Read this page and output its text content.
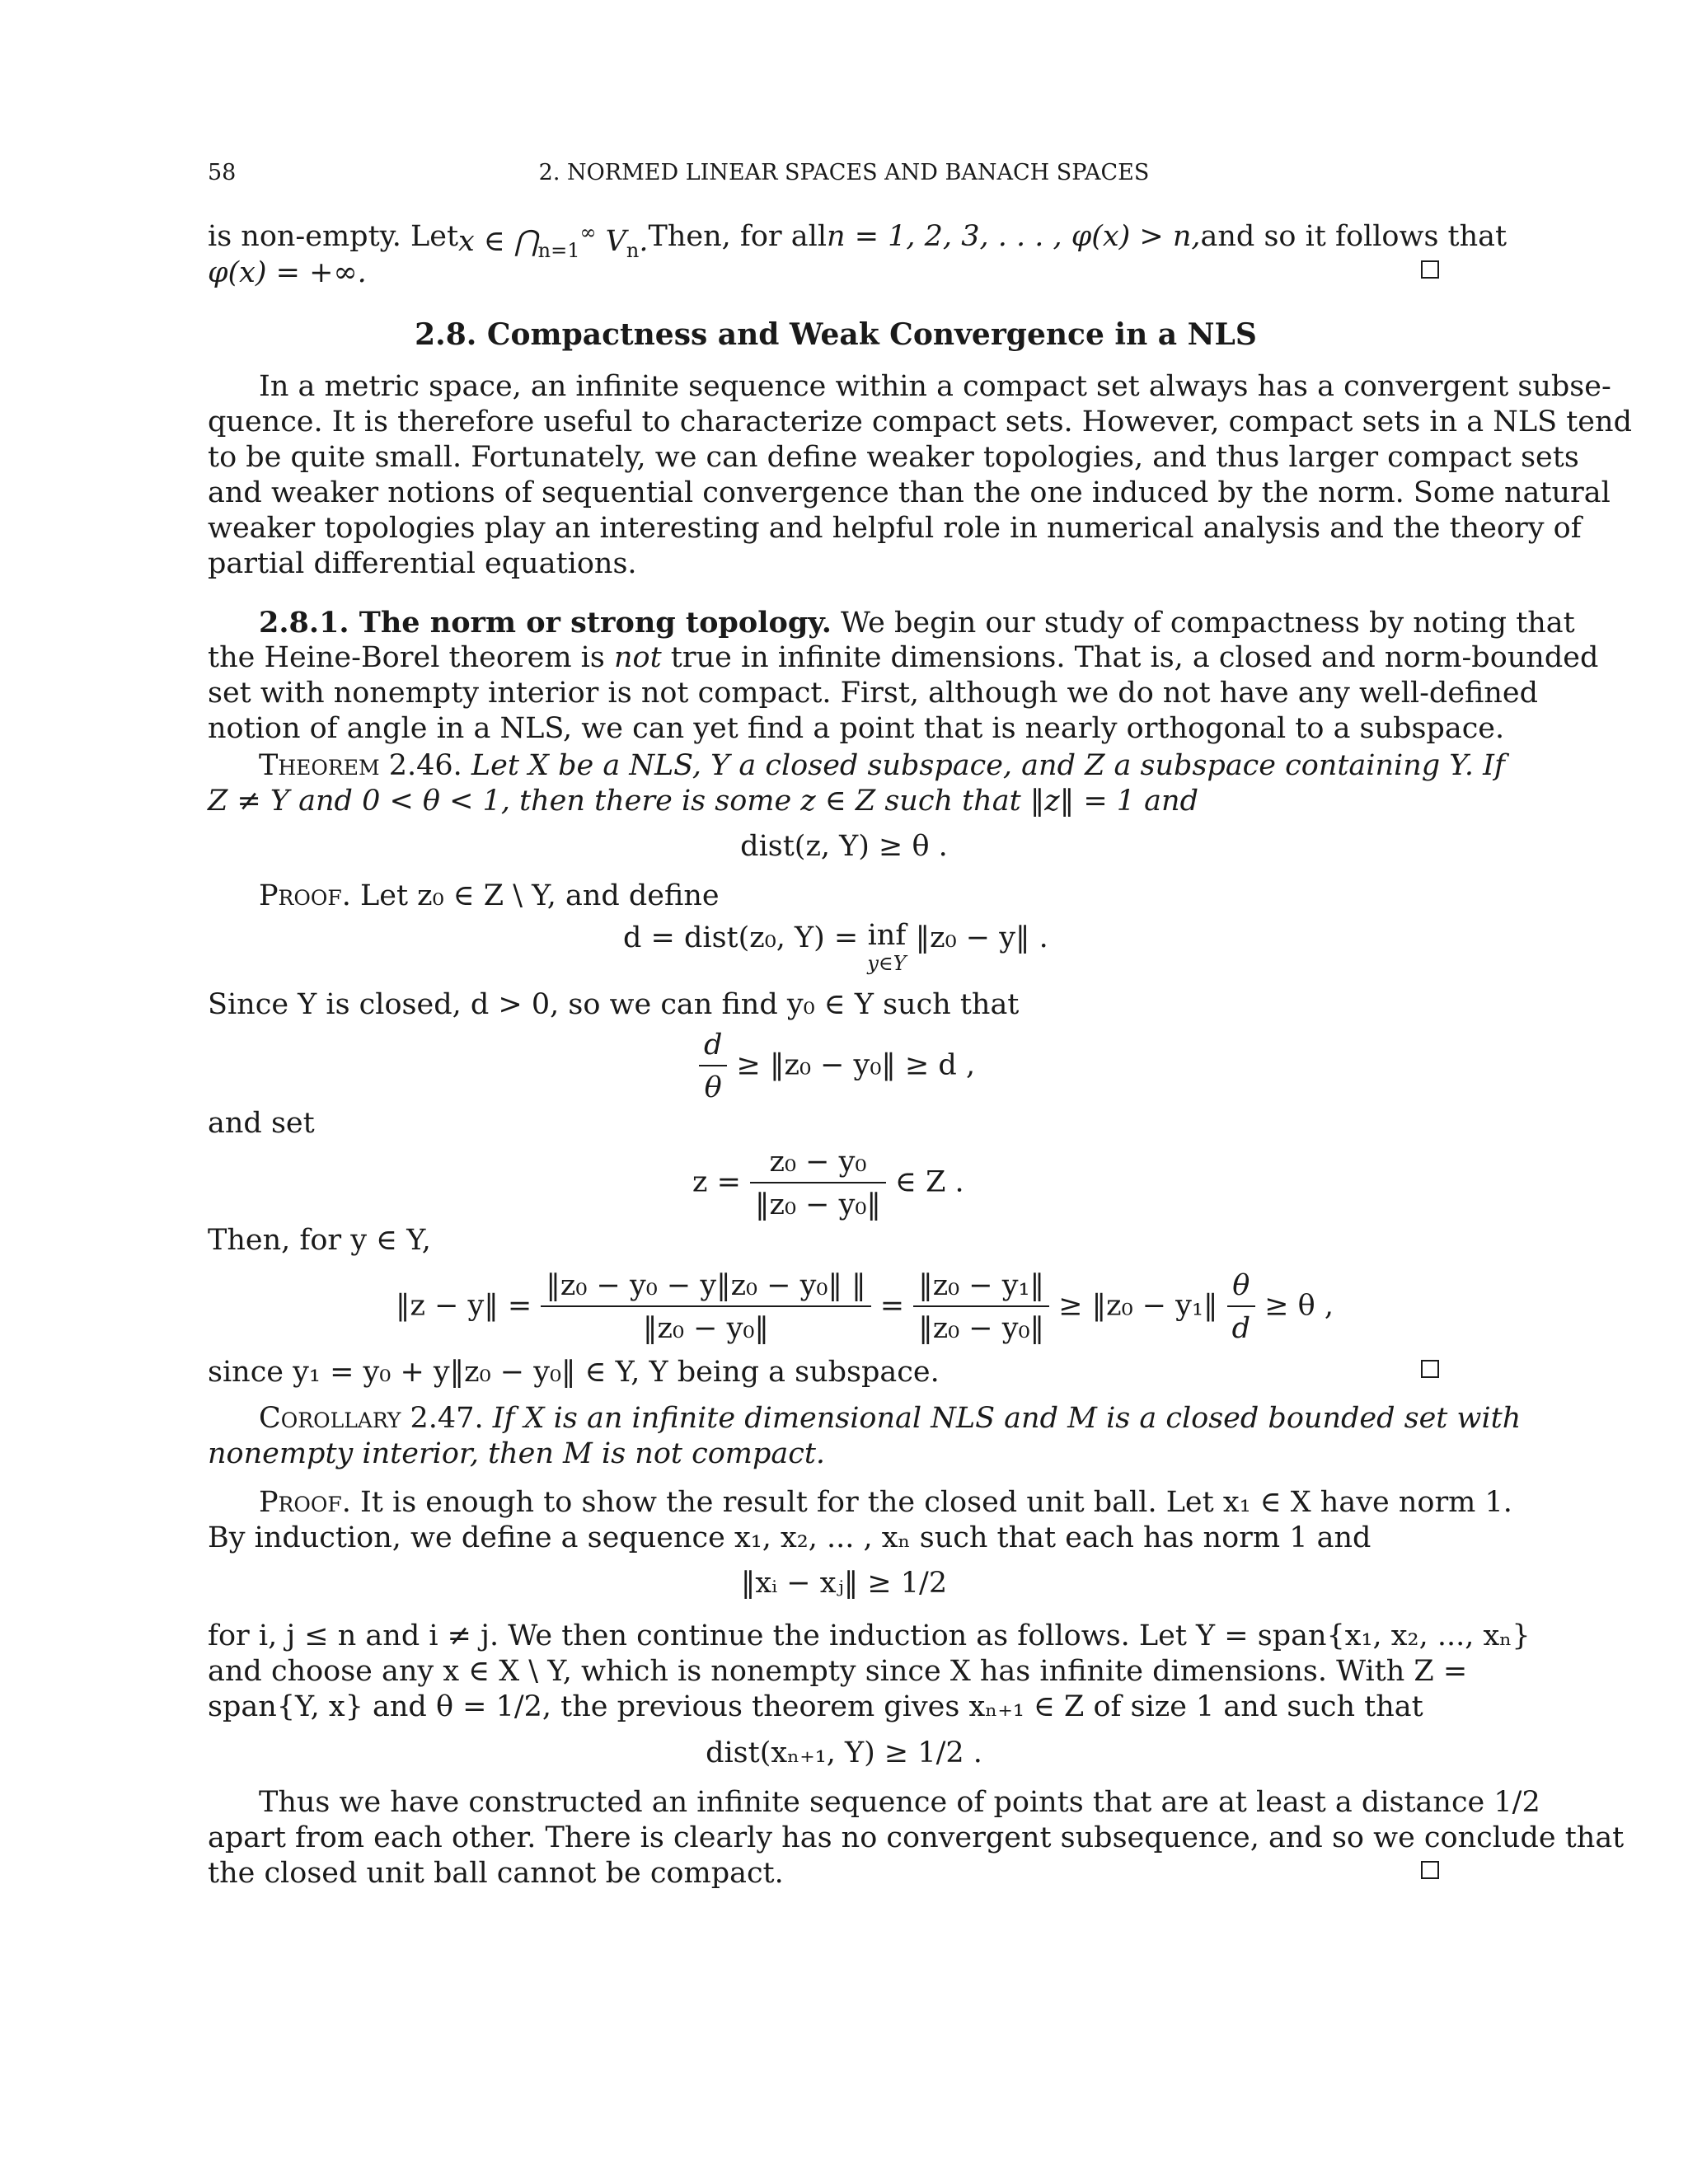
58	2. NORMED LINEAR SPACES AND BANACH SPACES
is non-empty. Let x ∈ $⋂_{n=1}^\infty$ $V_n$. Then, for all n = 1, 2, 3, . . . , φ(x) > n, and so it follows that
φ(x) = +∞.
2.8. Compactness and Weak Convergence in a NLS
In a metric space, an infinite sequence within a compact set always has a convergent subse-
quence. It is therefore useful to characterize compact sets. However, compact sets in a NLS tend
to be quite small. Fortunately, we can define weaker topologies, and thus larger compact sets
and weaker notions of sequential convergence than the one induced by the norm. Some natural
weaker topologies play an interesting and helpful role in numerical analysis and the theory of
partial differential equations.
2.8.1. The norm or strong topology. We begin our study of compactness by noting that
the Heine-Borel theorem is not true in infinite dimensions. That is, a closed and norm-bounded
set with nonempty interior is not compact. First, although we do not have any well-defined
notion of angle in a NLS, we can yet find a point that is nearly orthogonal to a subspace.
Theorem 2.46. Let X be a NLS, Y a closed subspace, and Z a subspace containing Y. If
Z ≠ Y and 0 < θ < 1, then there is some z ∈ Z such that ‖z‖ = 1 and
dist(z, Y) ≥ θ .
Proof. Let z₀ ∈ Z \ Y, and define
d = dist(z₀, Y) = inf
y∈Y
‖z₀ − y‖ .
Since Y is closed, d > 0, so we can find y₀ ∈ Y such that
$\frac{d}{\theta}$ ≥ ‖z₀ − y₀‖ ≥ d ,
and set
$z = \frac{\text{z₀ − y₀}}{\text{‖z₀ − y₀‖}}$ ∈ Z .
Then, for y ∈ Y,
‖z − y‖ = $\frac{\text{‖z₀ − y₀ − y‖z₀ − y₀‖ ‖}}{\text{‖z₀ − y₀‖}} = \frac{\text{‖z₀ − y₁‖}}{\text{‖z₀ − y₀‖}}$ ≥ ‖z₀ − y₁‖ $\frac{\theta}{d} \ge \theta$ ,
since y₁ = y₀ + y‖z₀ − y₀‖ ∈ Y, Y being a subspace.
Corollary 2.47. If X is an infinite dimensional NLS and M is a closed bounded set with
nonempty interior, then M is not compact.
Proof. It is enough to show the result for the closed unit ball. Let x₁ ∈ X have norm 1.
By induction, we define a sequence x₁, x₂, ... , xₙ such that each has norm 1 and
‖xᵢ − xⱼ‖ ≥ 1/2
for i, j ≤ n and i ≠ j. We then continue the induction as follows. Let Y = span{x₁, x₂, ..., xₙ}
and choose any x ∈ X \ Y, which is nonempty since X has infinite dimensions. With Z =
span{Y, x} and θ = 1/2, the previous theorem gives xₙ₊₁ ∈ Z of size 1 and such that
dist(xₙ₊₁, Y) ≥ 1/2 .
Thus we have constructed an infinite sequence of points that are at least a distance 1/2
apart from each other. There is clearly has no convergent subsequence, and so we conclude that
the closed unit ball cannot be compact.
